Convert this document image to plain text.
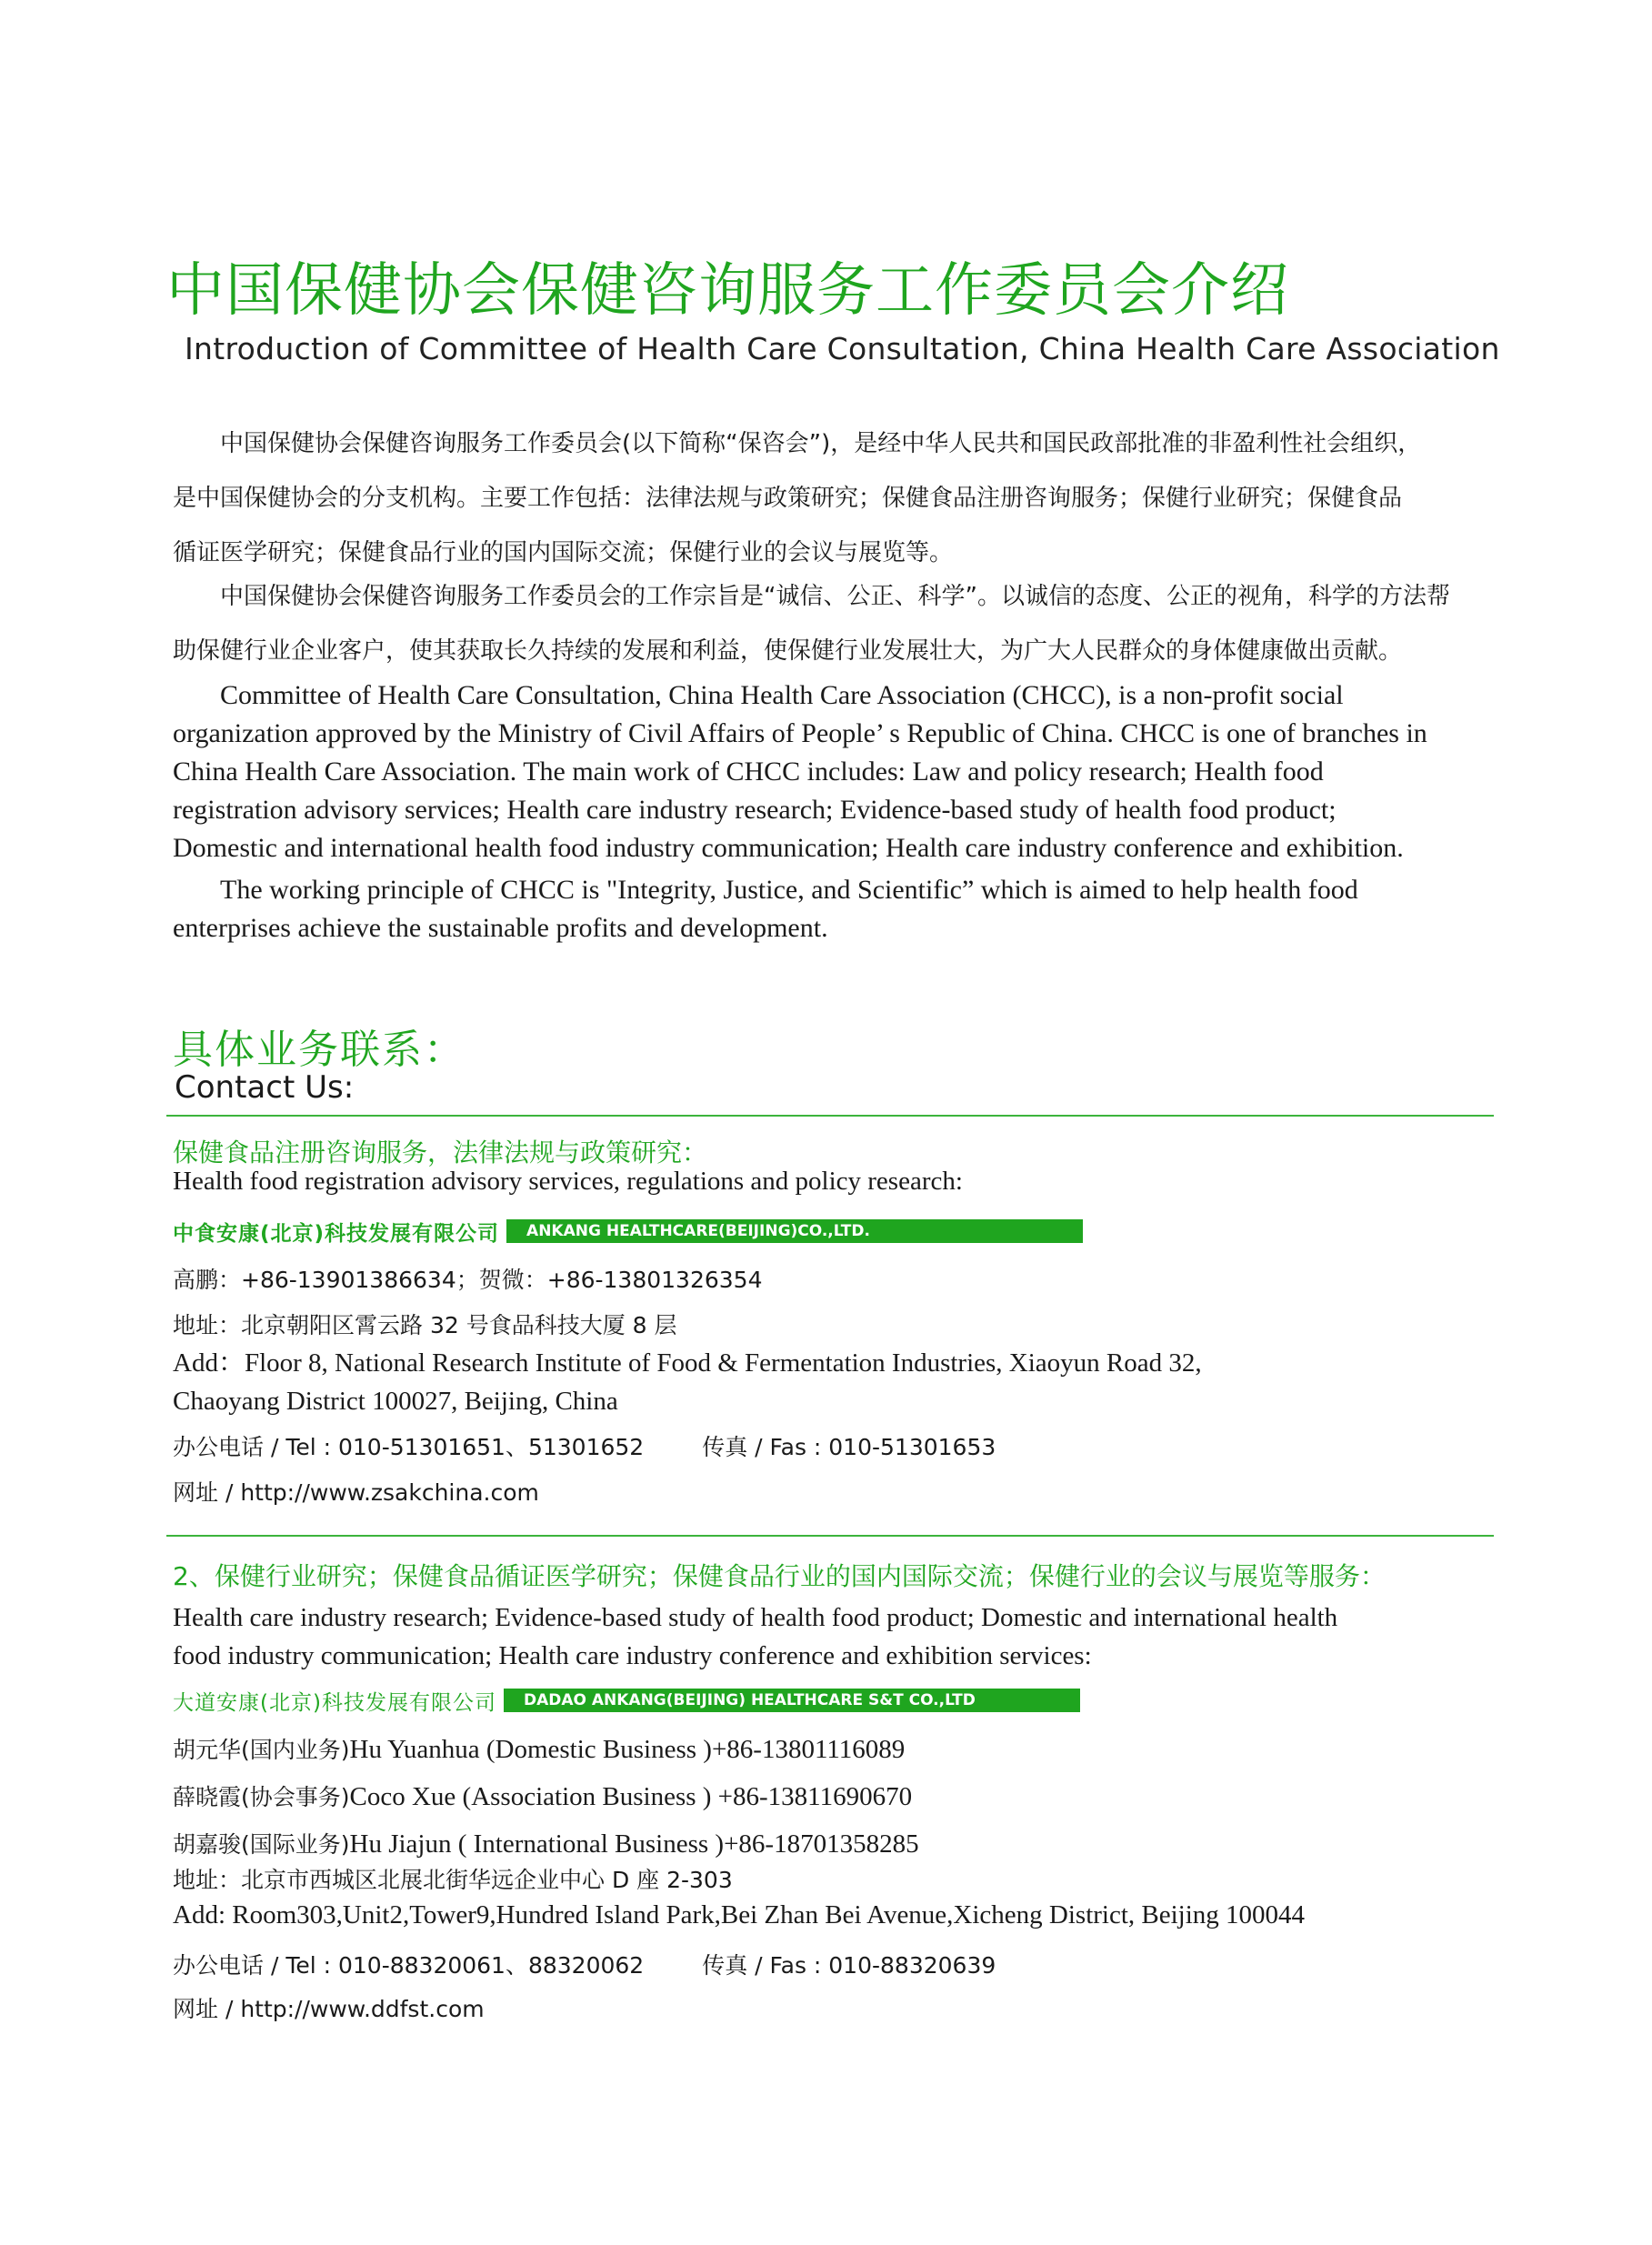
中国保健协会保健咨询服务工作委员会介绍
Introduction of Committee of Health Care Consultation, China Health Care Association
中国保健协会保健咨询服务工作委员会(以下简称“保咨会”)，是经中华人民共和国民政部批准的非盈利性社会组织，
是中国保健协会的分支机构。主要工作包括：法律法规与政策研究；保健食品注册咨询服务；保健行业研究；保健食品
循证医学研究；保健食品行业的国内国际交流；保健行业的会议与展览等。
中国保健协会保健咨询服务工作委员会的工作宗旨是“诚信、公正、科学”。以诚信的态度、公正的视角，科学的方法帮
助保健行业企业客户，使其获取长久持续的发展和利益，使保健行业发展壮大，为广大人民群众的身体健康做出贡献。
Committee of Health Care Consultation, China Health Care Association (CHCC), is a non-profit social
organization approved by the Ministry of Civil Affairs of People’ s Republic of China. CHCC is one of branches in
China Health Care Association. The main work of CHCC includes: Law and policy research; Health food
registration advisory services; Health care industry research; Evidence-based study of health food product;
Domestic and international health food industry communication; Health care industry conference and exhibition.
The working principle of CHCC is "Integrity, Justice, and Scientific” which is aimed to help health food
enterprises achieve the sustainable profits and development.
具体业务联系：
Contact Us:
保健食品注册咨询服务，法律法规与政策研究：
Health food registration advisory services, regulations and policy research:
中食安康(北京)科技发展有限公司	ANKANG HEALTHCARE(BEIJING)CO.,LTD.
高鹏：+86-13901386634；贺微：+86-13801326354
地址：北京朝阳区霄云路 32 号食品科技大厦 8 层
Add：Floor 8, National Research Institute of Food & Fermentation Industries, Xiaoyun Road 32,
Chaoyang District 100027, Beijing, China
办公电话 / Tel : 010-51301651、51301652	传真 / Fas : 010-51301653
网址 / http://www.zsakchina.com
2、保健行业研究；保健食品循证医学研究；保健食品行业的国内国际交流；保健行业的会议与展览等服务：
Health care industry research; Evidence-based study of health food product; Domestic and international health
food industry communication; Health care industry conference and exhibition services:
大道安康(北京)科技发展有限公司	DADAO ANKANG(BEIJING) HEALTHCARE S&T CO.,LTD
胡元华(国内业务)Hu Yuanhua (Domestic Business )+86-13801116089
薛晓霞(协会事务)Coco Xue (Association Business ) +86-13811690670
胡嘉骏(国际业务)Hu Jiajun ( International Business )+86-18701358285
地址：北京市西城区北展北街华远企业中心 D 座 2-303
Add: Room303,Unit2,Tower9,Hundred Island Park,Bei Zhan Bei Avenue,Xicheng District, Beijing 100044
办公电话 / Tel : 010-88320061、88320062	传真 / Fas : 010-88320639
网址 / http://www.ddfst.com
